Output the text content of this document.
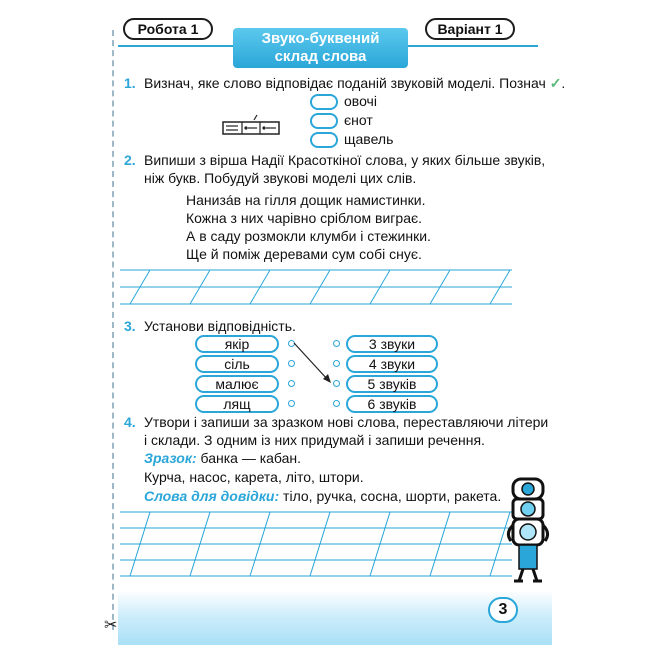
✂
Робота 1	Варіант 1
Звуко-буквений
склад слова
1. Визнач, яке слово відповідає поданій звуковій моделі. Познач ✓.
овочі
єнот
щавель
2. Випиши з вірша Надії Красоткіної слова, у яких більше звуків,
ніж букв. Побудуй звукові моделі цих слів.
Нанизáв на гілля дощик намистинки.
Кожна з них чарівно сріблом виграє.
А в саду розмокли клумби і стежинки.
Ще й поміж деревами сум собі снує.
3. Установи відповідність.
якір
сіль
малює
лящ
3 звуки
4 звуки
5 звуків
6 звуків
4. Утвори і запиши за зразком нові слова, переставляючи літери
і склади. З одним із них придумай і запиши речення.
Зразок: банка — кабан.
Курча, насос, карета, літо, штори.
Слова для довідки: тіло, ручка, сосна, шорти, ракета.
3
